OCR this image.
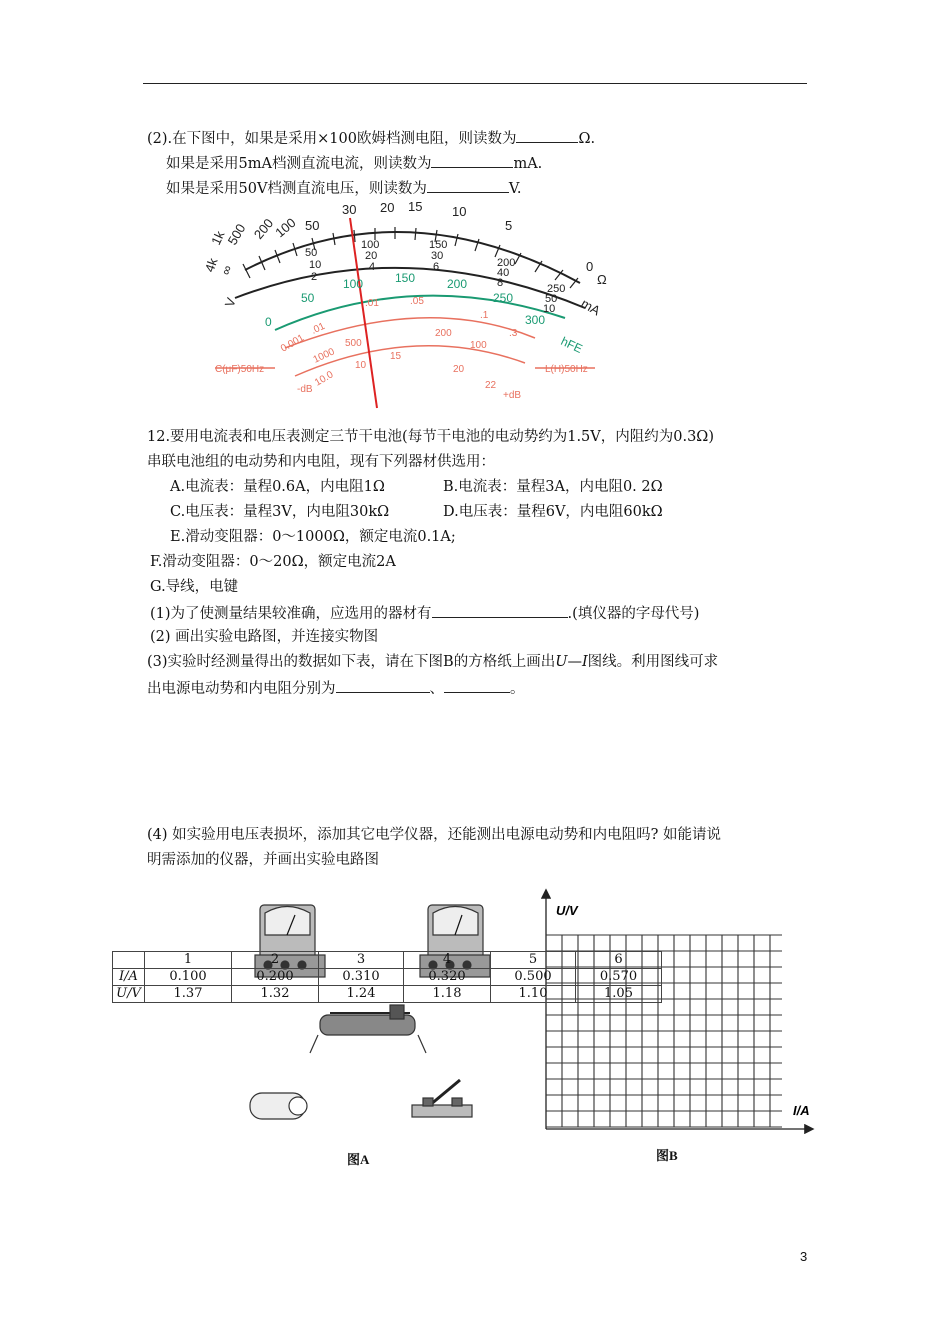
(2).在下图中，如果是采用×100欧姆档测电阻，则读数为	Ω.
如果是采用5mA档测直流电流，则读数为	mA.
如果是采用50V档测直流电压，则读数为	V.
1k
500 200
100 50
30 20 15 10
5
Ω
4k
∞	0
V	mA
50
10
2
100
20
4
150
30
6	200
40
8	250
50
10
0
50
100	150	200
250
300
hFE
0.001
.01
1000
500
.01	.05
200
.1
100
.3
C(μF)50Hz	L(H)50Hz
-dB
10.0
10
15
20
22
+dB
12.要用电流表和电压表测定三节干电池(每节干电池的电动势约为1.5V，内阻约为0.3Ω)
串联电池组的电动势和内电阻，现有下列器材供选用：
A.电流表：量程0.6A，内电阻1Ω	B.电流表：量程3A，内电阻0. 2Ω
C.电压表：量程3V，内电阻30kΩ	D.电压表：量程6V，内电阻60kΩ
E.滑动变阻器：0～1000Ω，额定电流0.1A;
F.滑动变阻器：0～20Ω，额定电流2A
G.导线，电键
(1)为了使测量结果较准确，应选用的器材有	.(填仪器的字母代号)
(2) 画出实验电路图，并连接实物图
(3)实验时经测量得出的数据如下表，请在下图B的方格纸上画出U—I图线。利用图线可求
出电源电动势和内电阻分别为	、	。
(4) 如实验用电压表损坏，添加其它电学仪器，还能测出电源电动势和内电阻吗? 如能请说
明需添加的仪器，并画出实验电路图
U/V
I/A
	1	2	3	4	5	6
I/A	0.100	0.200	0.310	0.320	0.500	0.570
U/V	1.37	1.32	1.24	1.18	1.10	1.05
图A	图B
3
